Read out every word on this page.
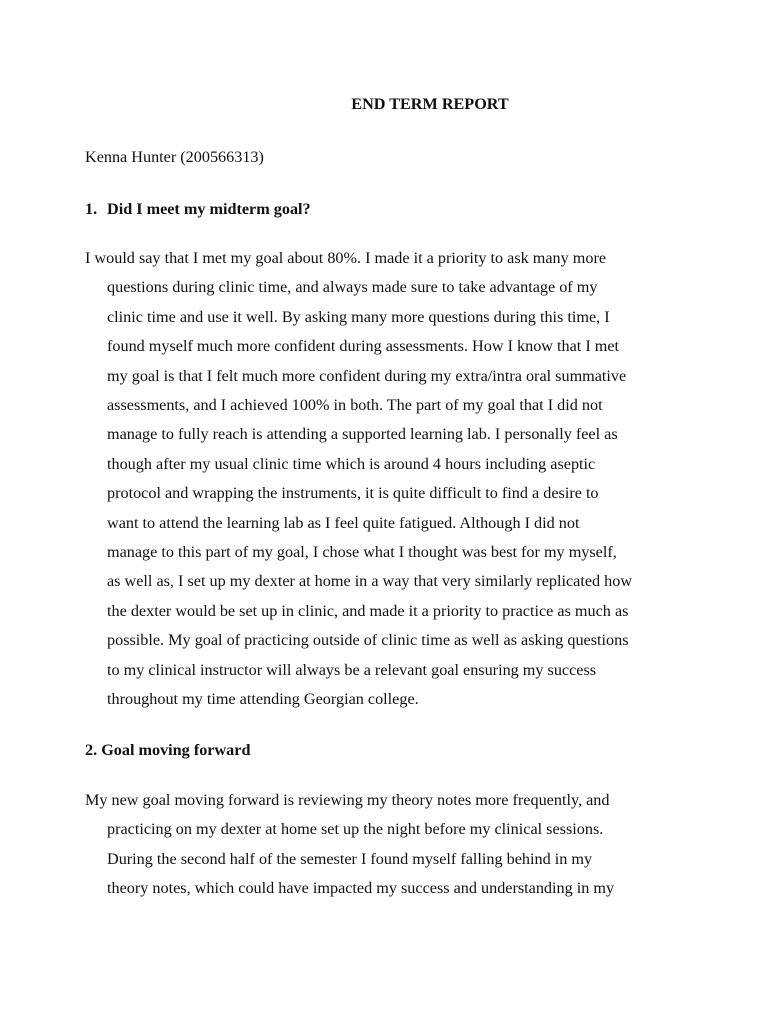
END TERM REPORT
Kenna Hunter (200566313)
1. Did I meet my midterm goal?

I would say that I met my goal about 80%. I made it a priority to ask many more
questions during clinic time, and always made sure to take advantage of my
clinic time and use it well. By asking many more questions during this time, I
found myself much more confident during assessments. How I know that I met
my goal is that I felt much more confident during my extra/intra oral summative
assessments, and I achieved 100% in both. The part of my goal that I did not
manage to fully reach is attending a supported learning lab. I personally feel as
though after my usual clinic time which is around 4 hours including aseptic
protocol and wrapping the instruments, it is quite difficult to find a desire to
want to attend the learning lab as I feel quite fatigued. Although I did not
manage to this part of my goal, I chose what I thought was best for my myself,
as well as, I set up my dexter at home in a way that very similarly replicated how
the dexter would be set up in clinic, and made it a priority to practice as much as
possible. My goal of practicing outside of clinic time as well as asking questions
to my clinical instructor will always be a relevant goal ensuring my success
throughout my time attending Georgian college.

2. Goal moving forward

My new goal moving forward is reviewing my theory notes more frequently, and
practicing on my dexter at home set up the night before my clinical sessions.
During the second half of the semester I found myself falling behind in my
theory notes, which could have impacted my success and understanding in my
